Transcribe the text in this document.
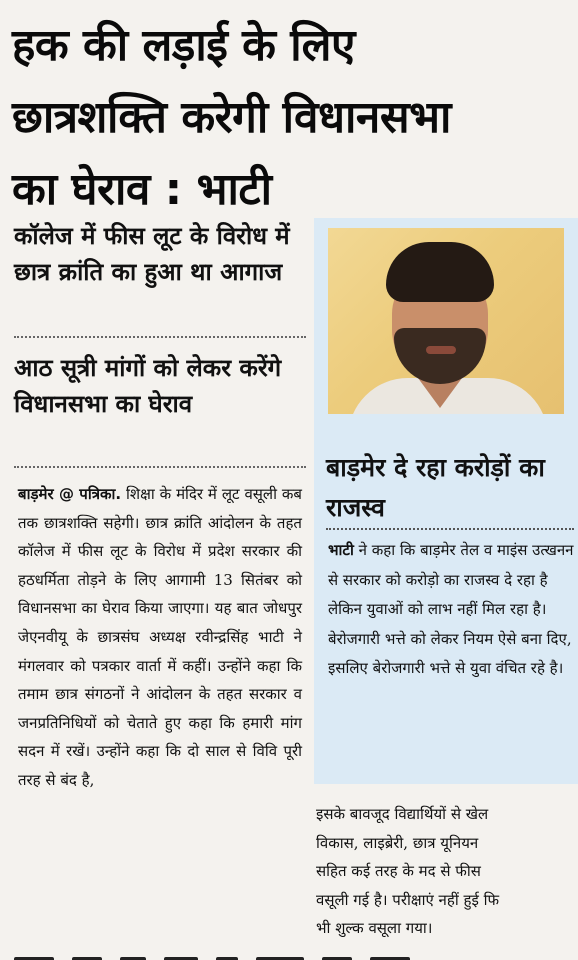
हक की लड़ाई के लिए
छात्रशक्ति करेगी विधानसभा
का घेराव : भाटी
कॉलेज में फीस लूट के विरोध में छात्र क्रांति का हुआ था आगाज
आठ सूत्री मांगों को लेकर करेंगे विधानसभा का घेराव

बाड़मेर @ पत्रिका. शिक्षा के मंदिर में लूट वसूली कब तक छात्रशक्ति सहेगी। छात्र क्रांति आंदोलन के तहत कॉलेज में फीस लूट के विरोध में प्रदेश सरकार की हठधर्मिता तोड़ने के लिए आगामी 13 सितंबर को विधानसभा का घेराव किया जाएगा। यह बात जोधपुर जेएनवीयू के छात्रसंघ अध्यक्ष रवीन्द्रसिंह भाटी ने मंगलवार को पत्रकार वार्ता में कहीं। उन्होंने कहा कि तमाम छात्र संगठनों ने आंदोलन के तहत सरकार व जनप्रतिनिधियों को चेताते हुए कहा कि हमारी मांग सदन में रखें। उन्होंने कहा कि दो साल से विवि पूरी तरह से बंद है,

बाड़मेर दे रहा करोड़ों का राजस्व

भाटी ने कहा कि बाड़मेर तेल व माइंस उत्खनन से सरकार को करोड़ो का राजस्व दे रहा है लेकिन युवाओं को लाभ नहीं मिल रहा है। बेरोजगारी भत्ते को लेकर नियम ऐसे बना दिए, इसलिए बेरोजगारी भत्ते से युवा वंचित रहे है।

इसके बावजूद विद्यार्थियों से खेल
विकास, लाइब्रेरी, छात्र यूनियन
सहित कई तरह के मद से फीस
वसूली गई है। परीक्षाएं नहीं हुई फि
भी शुल्क वसूला गया।
